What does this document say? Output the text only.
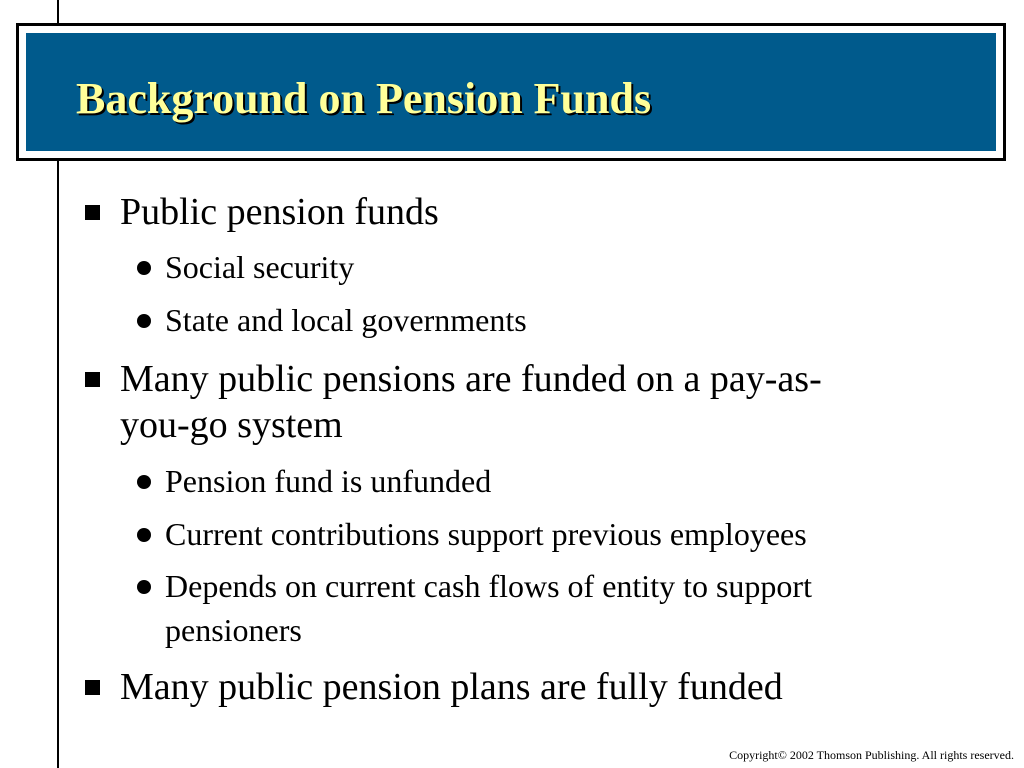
Background on Pension Funds
Public pension funds
Social security
State and local governments
Many public pensions are funded on a pay-as-
you-go system
Pension fund is unfunded
Current contributions support previous employees
Depends on current cash flows of entity to support
pensioners
Many public pension plans are fully funded
Copyright© 2002 Thomson Publishing. All rights reserved.
